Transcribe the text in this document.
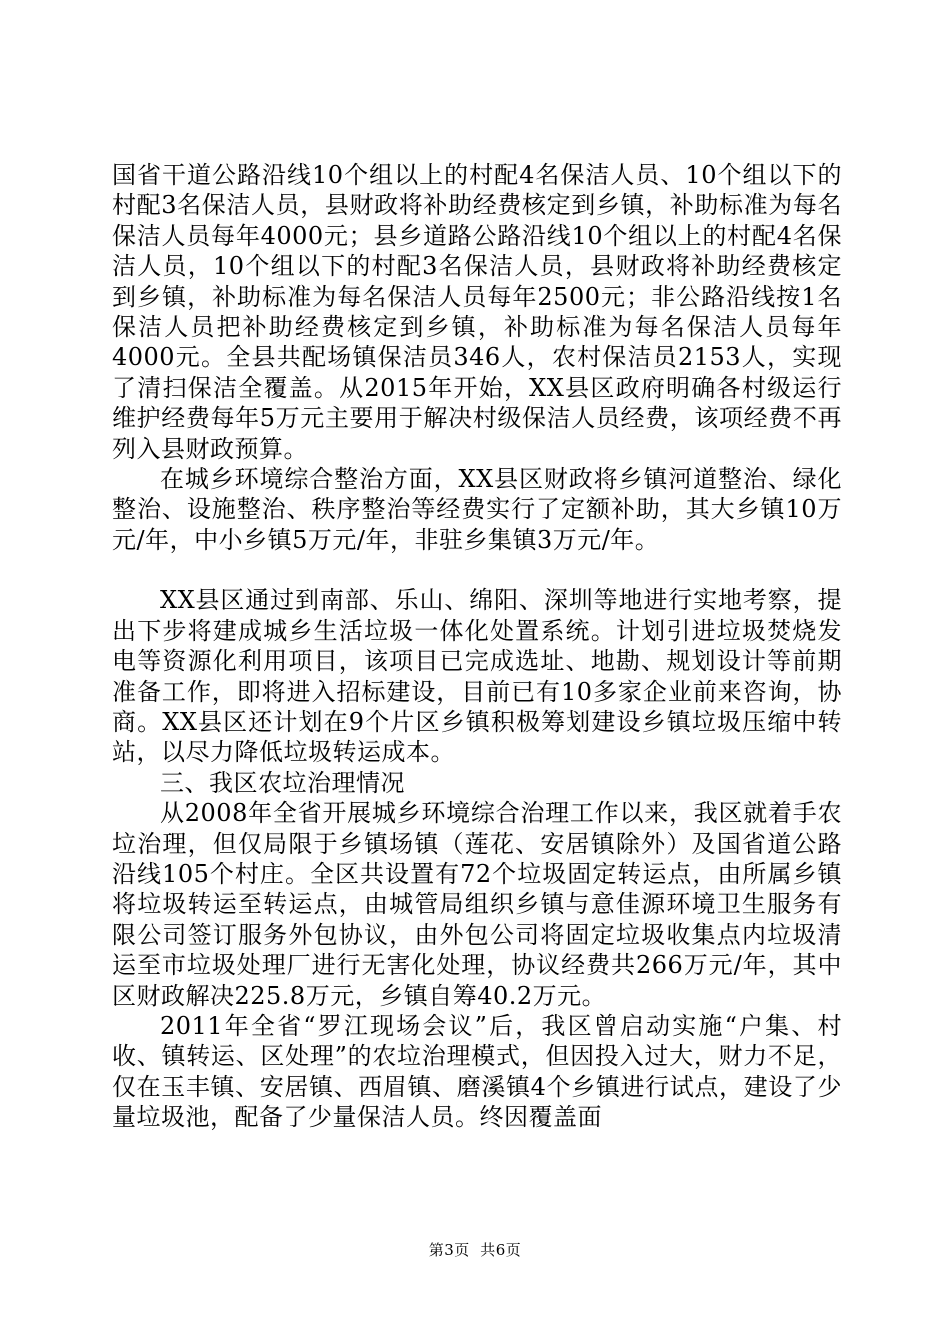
国省干道公路沿线10个组以上的村配4名保洁人员、10个组以下的村配3名保洁人员，县财政将补助经费核定到乡镇，补助标准为每名保洁人员每年4000元；县乡道路公路沿线10个组以上的村配4名保洁人员，10个组以下的村配3名保洁人员，县财政将补助经费核定到乡镇，补助标准为每名保洁人员每年2500元；非公路沿线按1名保洁人员把补助经费核定到乡镇，补助标准为每名保洁人员每年4000元。全县共配场镇保洁员346人，农村保洁员2153人，实现了清扫保洁全覆盖。从2015年开始，XX县区政府明确各村级运行维护经费每年5万元主要用于解决村级保洁人员经费，该项经费不再列入县财政预算。

在城乡环境综合整治方面，XX县区财政将乡镇河道整治、绿化整治、设施整治、秩序整治等经费实行了定额补助，其大乡镇10万元/年，中小乡镇5万元/年，非驻乡集镇3万元/年。

XX县区通过到南部、乐山、绵阳、深圳等地进行实地考察，提出下步将建成城乡生活垃圾一体化处置系统。计划引进垃圾焚烧发电等资源化利用项目，该项目已完成选址、地勘、规划设计等前期准备工作，即将进入招标建设，目前已有10多家企业前来咨询，协商。XX县区还计划在9个片区乡镇积极筹划建设乡镇垃圾压缩中转站，以尽力降低垃圾转运成本。

三、我区农垃治理情况

从2008年全省开展城乡环境综合治理工作以来，我区就着手农垃治理，但仅局限于乡镇场镇（莲花、安居镇除外）及国省道公路沿线105个村庄。全区共设置有72个垃圾固定转运点，由所属乡镇将垃圾转运至转运点，由城管局组织乡镇与意佳源环境卫生服务有限公司签订服务外包协议，由外包公司将固定垃圾收集点内垃圾清运至市垃圾处理厂进行无害化处理，协议经费共266万元/年，其中区财政解决225.8万元，乡镇自筹40.2万元。

2011年全省“罗江现场会议”后，我区曾启动实施“户集、村收、镇转运、区处理”的农垃治理模式，但因投入过大，财力不足，仅在玉丰镇、安居镇、西眉镇、磨溪镇4个乡镇进行试点，建设了少量垃圾池，配备了少量保洁人员。终因覆盖面

第3页  共6页
